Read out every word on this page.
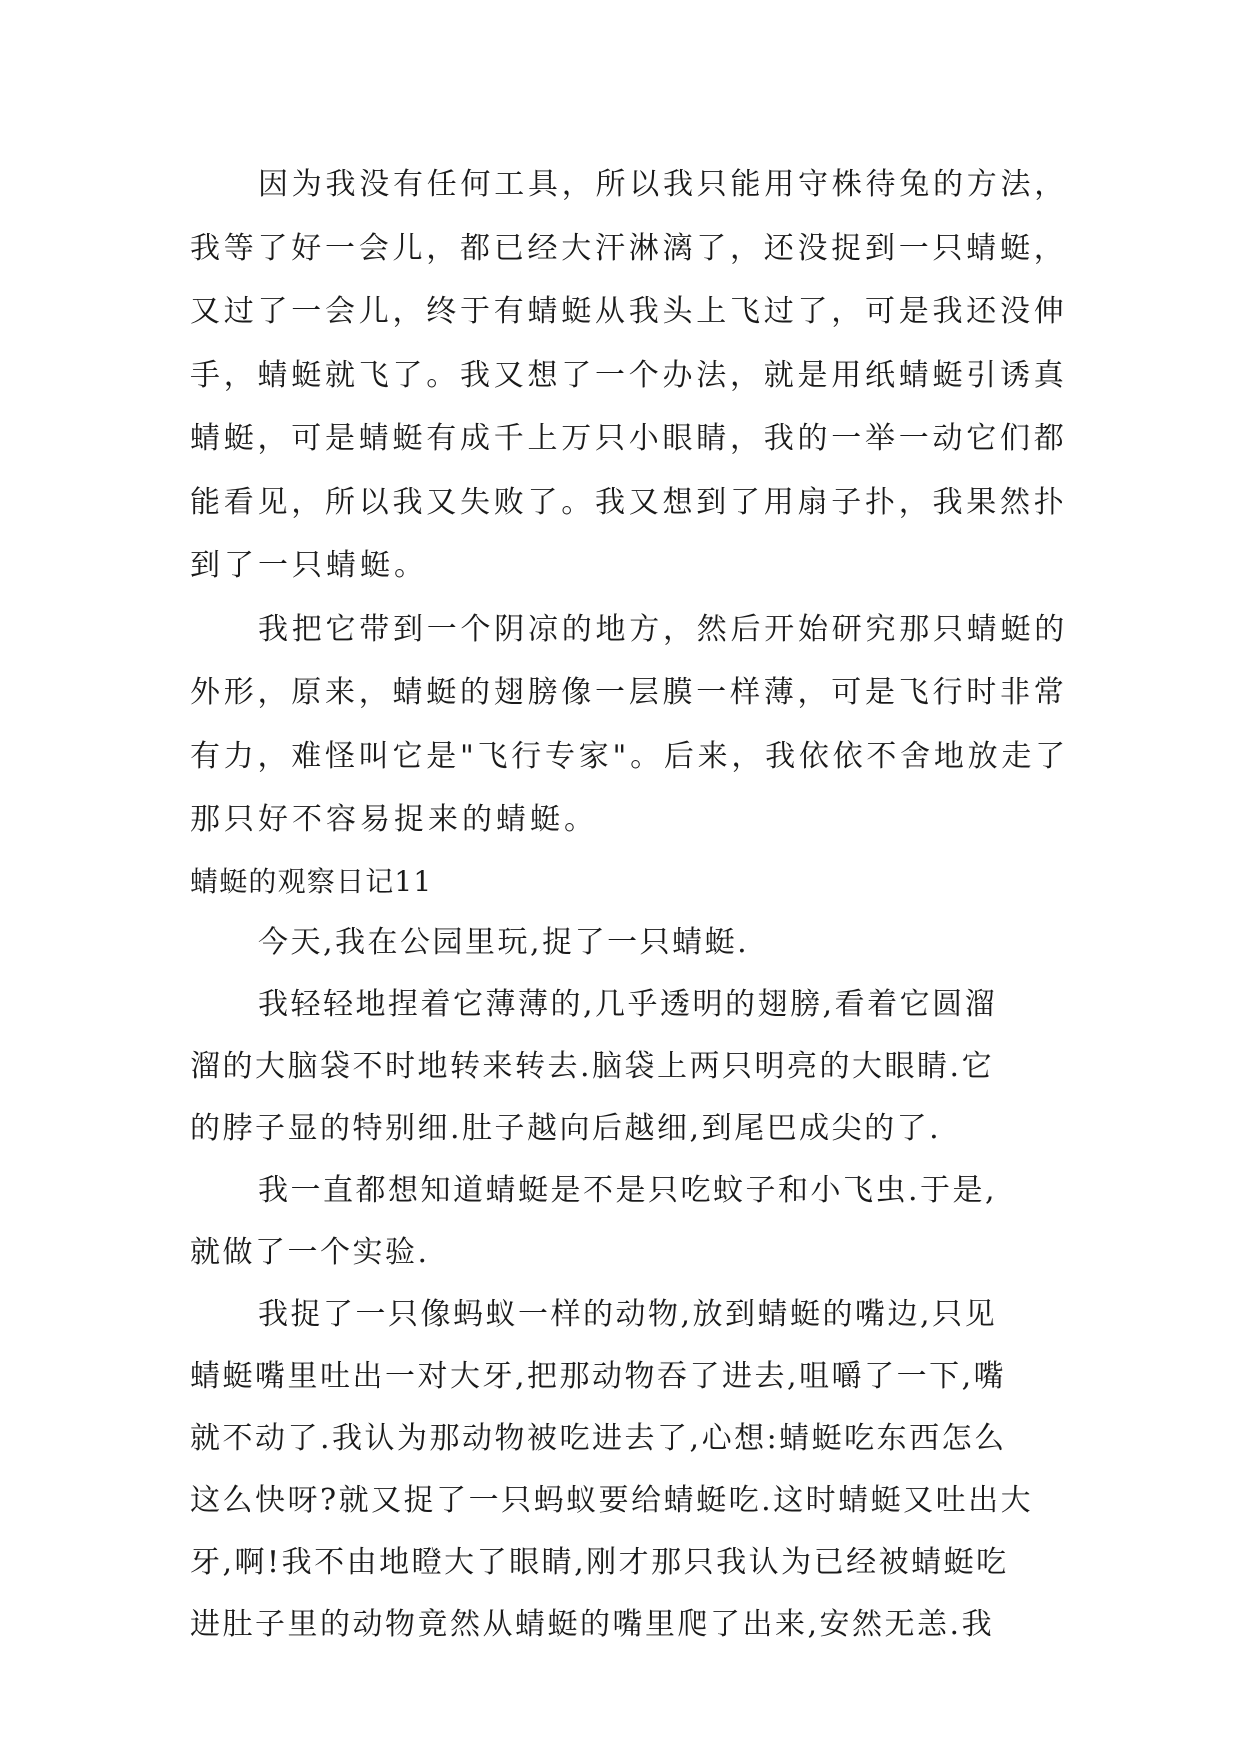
因为我没有任何工具，所以我只能用守株待兔的方法，
我等了好一会儿，都已经大汗淋漓了，还没捉到一只蜻蜓，
又过了一会儿，终于有蜻蜓从我头上飞过了，可是我还没伸
手，蜻蜓就飞了。我又想了一个办法，就是用纸蜻蜓引诱真
蜻蜓，可是蜻蜓有成千上万只小眼睛，我的一举一动它们都
能看见，所以我又失败了。我又想到了用扇子扑，我果然扑
到了一只蜻蜓。
我把它带到一个阴凉的地方，然后开始研究那只蜻蜓的
外形，原来，蜻蜓的翅膀像一层膜一样薄，可是飞行时非常
有力，难怪叫它是"飞行专家"。后来，我依依不舍地放走了
那只好不容易捉来的蜻蜓。
蜻蜓的观察日记11
今天,我在公园里玩,捉了一只蜻蜓.
我轻轻地捏着它薄薄的,几乎透明的翅膀,看着它圆溜
溜的大脑袋不时地转来转去.脑袋上两只明亮的大眼睛.它
的脖子显的特别细.肚子越向后越细,到尾巴成尖的了.
我一直都想知道蜻蜓是不是只吃蚊子和小飞虫.于是,
就做了一个实验.
我捉了一只像蚂蚁一样的动物,放到蜻蜓的嘴边,只见
蜻蜓嘴里吐出一对大牙,把那动物吞了进去,咀嚼了一下,嘴
就不动了.我认为那动物被吃进去了,心想:蜻蜓吃东西怎么
这么快呀?就又捉了一只蚂蚁要给蜻蜓吃.这时蜻蜓又吐出大
牙,啊!我不由地瞪大了眼睛,刚才那只我认为已经被蜻蜓吃
进肚子里的动物竟然从蜻蜓的嘴里爬了出来,安然无恙.我
